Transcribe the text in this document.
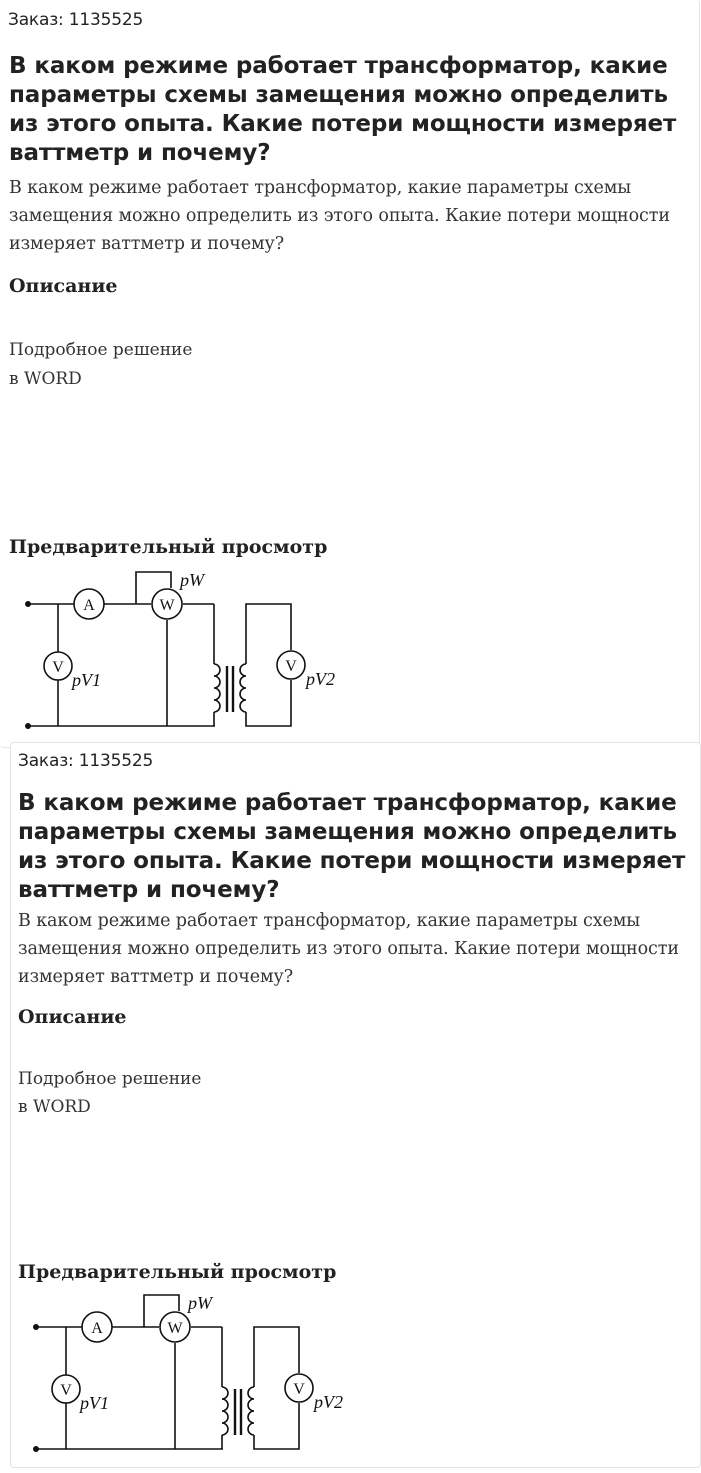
Заказ: 1135525
В каком режиме работает трансформатор, какие параметры схемы замещения можно определить из этого опыта. Какие потери мощности измеряет ваттметр и почему?
В каком режиме работает трансформатор, какие параметры схемы замещения можно определить из этого опыта. Какие потери мощности измеряет ваттметр и почему?
Описание
Подробное решение
в WORD
Предварительный просмотр
A	W
V	V
pW
pV1	pV2
Заказ: 1135525
В каком режиме работает трансформатор, какие параметры схемы замещения можно определить из этого опыта. Какие потери мощности измеряет ваттметр и почему?
В каком режиме работает трансформатор, какие параметры схемы замещения можно определить из этого опыта. Какие потери мощности измеряет ваттметр и почему?
Описание
Подробное решение
в WORD
Предварительный просмотр
A	W
V	V
pW
pV1	pV2
